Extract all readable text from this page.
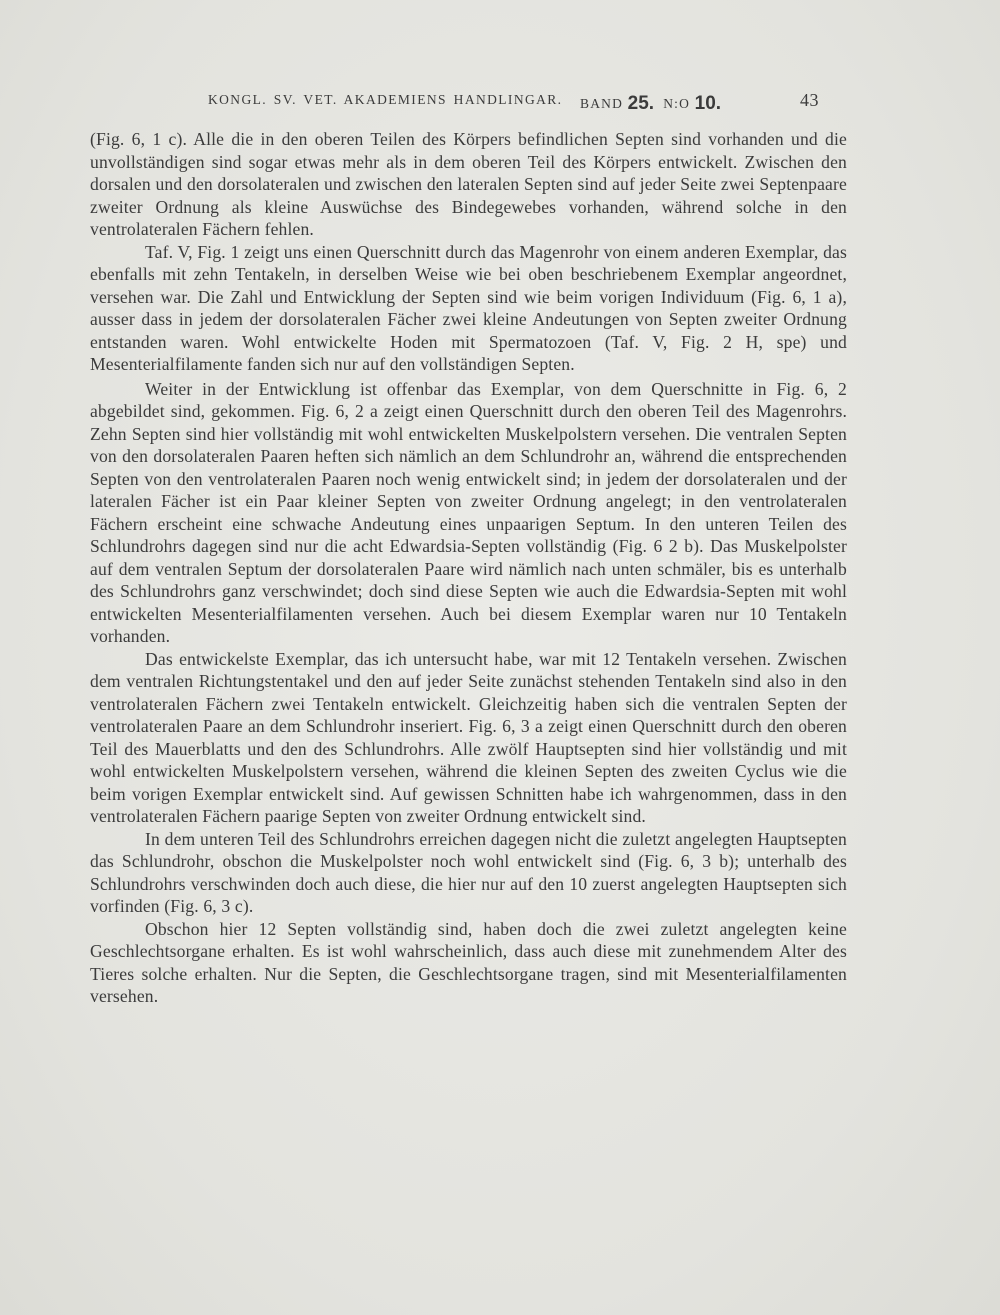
KONGL. SV. VET. AKADEMIENS HANDLINGAR. BAND 25. N:O 10.	43

(Fig. 6, 1 c). Alle die in den oberen Teilen des Körpers befindlichen Septen sind vorhanden und die unvollständigen sind sogar etwas mehr als in dem oberen Teil des Körpers entwickelt. Zwischen den dorsalen und den dorsolateralen und zwischen den lateralen Septen sind auf jeder Seite zwei Septenpaare zweiter Ordnung als kleine Auswüchse des Bindegewebes vorhanden, während solche in den ventrolateralen Fächern fehlen.

Taf. V, Fig. 1 zeigt uns einen Querschnitt durch das Magenrohr von einem anderen Exemplar, das ebenfalls mit zehn Tentakeln, in derselben Weise wie bei oben beschriebenem Exemplar angeordnet, versehen war. Die Zahl und Entwicklung der Septen sind wie beim vorigen Individuum (Fig. 6, 1 a), ausser dass in jedem der dorsolateralen Fächer zwei kleine Andeutungen von Septen zweiter Ordnung entstanden waren. Wohl entwickelte Hoden mit Spermatozoen (Taf. V, Fig. 2 H, spe) und Mesenterialfilamente fanden sich nur auf den vollständigen Septen.

Weiter in der Entwicklung ist offenbar das Exemplar, von dem Querschnitte in Fig. 6, 2 abgebildet sind, gekommen. Fig. 6, 2 a zeigt einen Querschnitt durch den oberen Teil des Magenrohrs. Zehn Septen sind hier vollständig mit wohl entwickelten Muskelpolstern versehen. Die ventralen Septen von den dorsolateralen Paaren heften sich nämlich an dem Schlundrohr an, während die entsprechenden Septen von den ventrolateralen Paaren noch wenig entwickelt sind; in jedem der dorsolateralen und der lateralen Fächer ist ein Paar kleiner Septen von zweiter Ordnung angelegt; in den ventrolateralen Fächern erscheint eine schwache Andeutung eines unpaarigen Septum. In den unteren Teilen des Schlundrohrs dagegen sind nur die acht Edwardsia-Septen vollständig (Fig. 6 2 b). Das Muskelpolster auf dem ventralen Septum der dorsolateralen Paare wird nämlich nach unten schmäler, bis es unterhalb des Schlundrohrs ganz verschwindet; doch sind diese Septen wie auch die Edwardsia-Septen mit wohl entwickelten Mesenterialfilamenten versehen. Auch bei diesem Exemplar waren nur 10 Tentakeln vorhanden.

Das entwickelste Exemplar, das ich untersucht habe, war mit 12 Tentakeln versehen. Zwischen dem ventralen Richtungstentakel und den auf jeder Seite zunächst stehenden Tentakeln sind also in den ventrolateralen Fächern zwei Tentakeln entwickelt. Gleichzeitig haben sich die ventralen Septen der ventrolateralen Paare an dem Schlundrohr inseriert. Fig. 6, 3 a zeigt einen Querschnitt durch den oberen Teil des Mauerblatts und den des Schlundrohrs. Alle zwölf Hauptsepten sind hier vollständig und mit wohl entwickelten Muskelpolstern versehen, während die kleinen Septen des zweiten Cyclus wie die beim vorigen Exemplar entwickelt sind. Auf gewissen Schnitten habe ich wahrgenommen, dass in den ventrolateralen Fächern paarige Septen von zweiter Ordnung entwickelt sind.

In dem unteren Teil des Schlundrohrs erreichen dagegen nicht die zuletzt angelegten Hauptsepten das Schlundrohr, obschon die Muskelpolster noch wohl entwickelt sind (Fig. 6, 3 b); unterhalb des Schlundrohrs verschwinden doch auch diese, die hier nur auf den 10 zuerst angelegten Hauptsepten sich vorfinden (Fig. 6, 3 c).

Obschon hier 12 Septen vollständig sind, haben doch die zwei zuletzt angelegten keine Geschlechtsorgane erhalten. Es ist wohl wahrscheinlich, dass auch diese mit zunehmendem Alter des Tieres solche erhalten. Nur die Septen, die Geschlechtsorgane tragen, sind mit Mesenterialfilamenten versehen.
